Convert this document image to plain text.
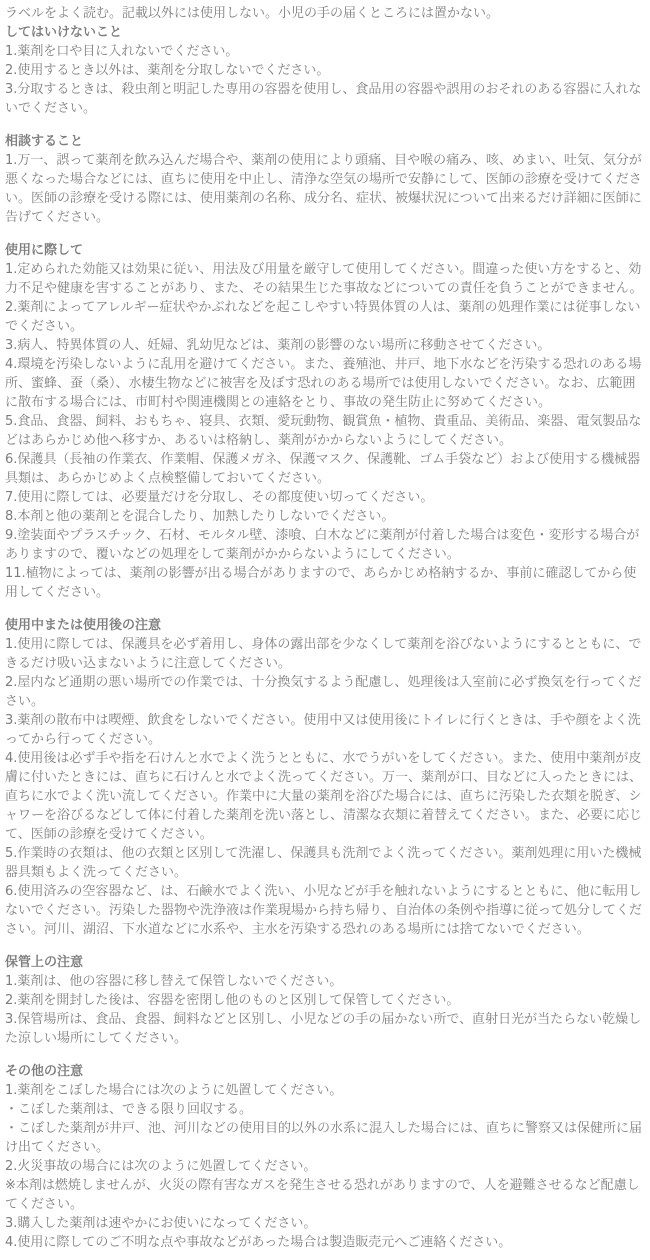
ラベルをよく読む。記載以外には使用しない。小児の手の届くところには置かない。

してはいけないこと

1.薬剤を口や目に入れないでください。

2.使用するとき以外は、薬剤を分取しないでください。

3.分取するときは、殺虫剤と明記した専用の容器を使用し、食品用の容器や誤用のおそれのある容器に入れないでください。

相談すること

1.万一、誤って薬剤を飲み込んだ場合や、薬剤の使用により頭痛、目や喉の痛み、咳、めまい、吐気、気分が悪くなった場合などには、直ちに使用を中止し、清浄な空気の場所で安静にして、医師の診療を受けてください。医師の診療を受ける際には、使用薬剤の名称、成分名、症状、被爆状況について出来るだけ詳細に医師に告げてください。

使用に際して

1.定められた効能又は効果に従い、用法及び用量を厳守して使用してください。間違った使い方をすると、効力不足や健康を害することがあり、また、その結果生じた事故などについての責任を負うことができません。

2.薬剤によってアレルギー症状やかぶれなどを起こしやすい特異体質の人は、薬剤の処理作業には従事しないでください。

3.病人、特異体質の人、妊婦、乳幼児などは、薬剤の影響のない場所に移動させてください。

4.環境を汚染しないように乱用を避けてください。また、養殖池、井戸、地下水などを汚染する恐れのある場所、蜜蜂、蚕（桑）、水棲生物などに被害を及ぼす恐れのある場所では使用しないでください。なお、広範囲に散布する場合には、市町村や関連機関との連絡をとり、事故の発生防止に努めてください。

5.食品、食器、飼料、おもちゃ、寝具、衣類、愛玩動物、観賞魚・植物、貴重品、美術品、楽器、電気製品などはあらかじめ他へ移すか、あるいは格納し、薬剤がかからないようにしてください。

6.保護具（長袖の作業衣、作業帽、保護メガネ、保護マスク、保護靴、ゴム手袋など）および使用する機械器具類は、あらかじめよく点検整備しておいてください。

7.使用に際しては、必要量だけを分取し、その都度使い切ってください。

8.本剤と他の薬剤とを混合したり、加熱したりしないでください。

9.塗装面やプラスチック、石材、モルタル壁、漆喰、白木などに薬剤が付着した場合は変色・変形する場合がありますので、覆いなどの処理をして薬剤がかからないようにしてください。

11.植物によっては、薬剤の影響が出る場合がありますので、あらかじめ格納するか、事前に確認してから使用してください。

使用中または使用後の注意

1.使用に際しては、保護具を必ず着用し、身体の露出部を少なくして薬剤を浴びないようにするとともに、できるだけ吸い込まないように注意してください。

2.屋内など通期の悪い場所での作業では、十分換気するよう配慮し、処理後は入室前に必ず換気を行ってください。

3.薬剤の散布中は喫煙、飲食をしないでください。使用中又は使用後にトイレに行くときは、手や顔をよく洗ってから行ってください。

4.使用後は必ず手や指を石けんと水でよく洗うとともに、水でうがいをしてください。また、使用中薬剤が皮膚に付いたときには、直ちに石けんと水でよく洗ってください。万一、薬剤が口、目などに入ったときには、直ちに水でよく洗い流してください。作業中に大量の薬剤を浴びた場合には、直ちに汚染した衣類を脱ぎ、シャワーを浴びるなどして体に付着した薬剤を洗い落とし、清潔な衣類に着替えてください。また、必要に応じて、医師の診療を受けてください。

5.作業時の衣類は、他の衣類と区別して洗濯し、保護具も洗剤でよく洗ってください。薬剤処理に用いた機械器具類もよく洗ってください。

6.使用済みの空容器など、は、石鹸水でよく洗い、小児などが手を触れないようにするとともに、他に転用しないでください。汚染した器物や洗浄液は作業現場から持ち帰り、自治体の条例や指導に従って処分してください。河川、湖沼、下水道などに水系や、主水を汚染する恐れのある場所には捨てないでください。

保管上の注意

1.薬剤は、他の容器に移し替えて保管しないでください。

2.薬剤を開封した後は、容器を密閉し他のものと区別して保管してください。

3.保管場所は、食品、食器、飼料などと区別し、小児などの手の届かない所で、直射日光が当たらない乾燥した涼しい場所にしてください。

その他の注意

1.薬剤をこぼした場合には次のように処置してください。

・こぼした薬剤は、できる限り回収する。

・こぼした薬剤が井戸、池、河川などの使用目的以外の水系に混入した場合には、直ちに警察又は保健所に届け出てください。

2.火災事故の場合には次のように処置してください。

※本剤は燃焼しませんが、火災の際有害なガスを発生させる恐れがありますので、人を避難させるなど配慮してください。

3.購入した薬剤は速やかにお使いになってください。

4.使用に際してのご不明な点や事故などがあった場合は製造販売元へご連絡ください。
